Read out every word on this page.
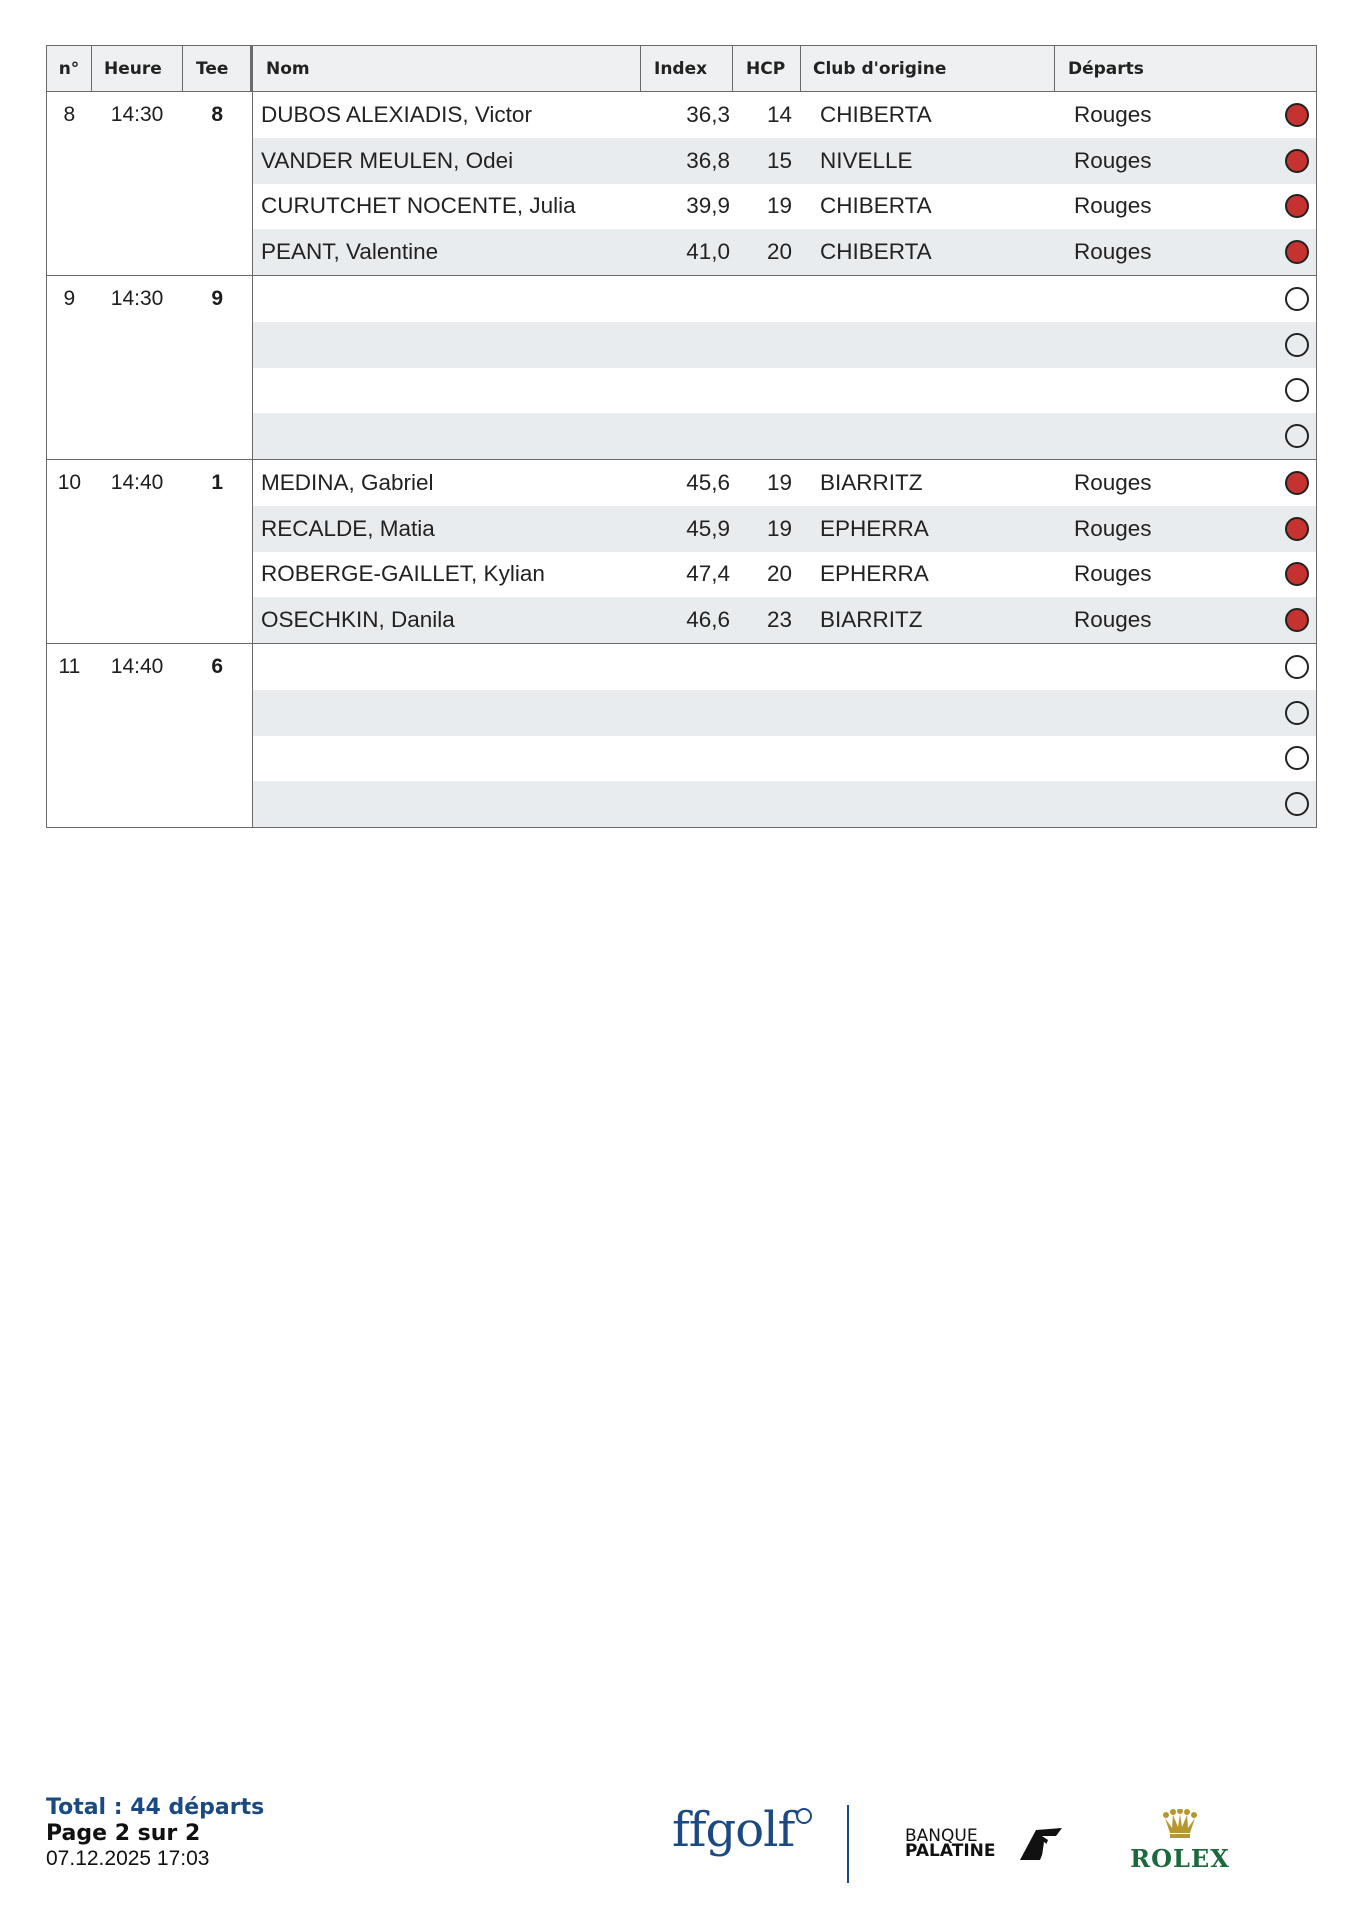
n°	Heure	Tee	Nom	Index	HCP	Club d'origine	Départs
8	14:30	8	DUBOS ALEXIADIS, Victor	36,3	14	CHIBERTA	Rouges
VANDER MEULEN, Odei	36,8	15	NIVELLE	Rouges
CURUTCHET NOCENTE, Julia	39,9	19	CHIBERTA	Rouges
PEANT, Valentine	41,0	20	CHIBERTA	Rouges
9	14:30	9
10	14:40	1	MEDINA, Gabriel	45,6	19	BIARRITZ	Rouges
RECALDE, Matia	45,9	19	EPHERRA	Rouges
ROBERGE-GAILLET, Kylian	47,4	20	EPHERRA	Rouges
OSECHKIN, Danila	46,6	23	BIARRITZ	Rouges
11	14:40	6
Total : 44 départs
Page 2 sur 2
07.12.2025 17:03
ffgolf	BANQUE
PALATINE	ROLEX
